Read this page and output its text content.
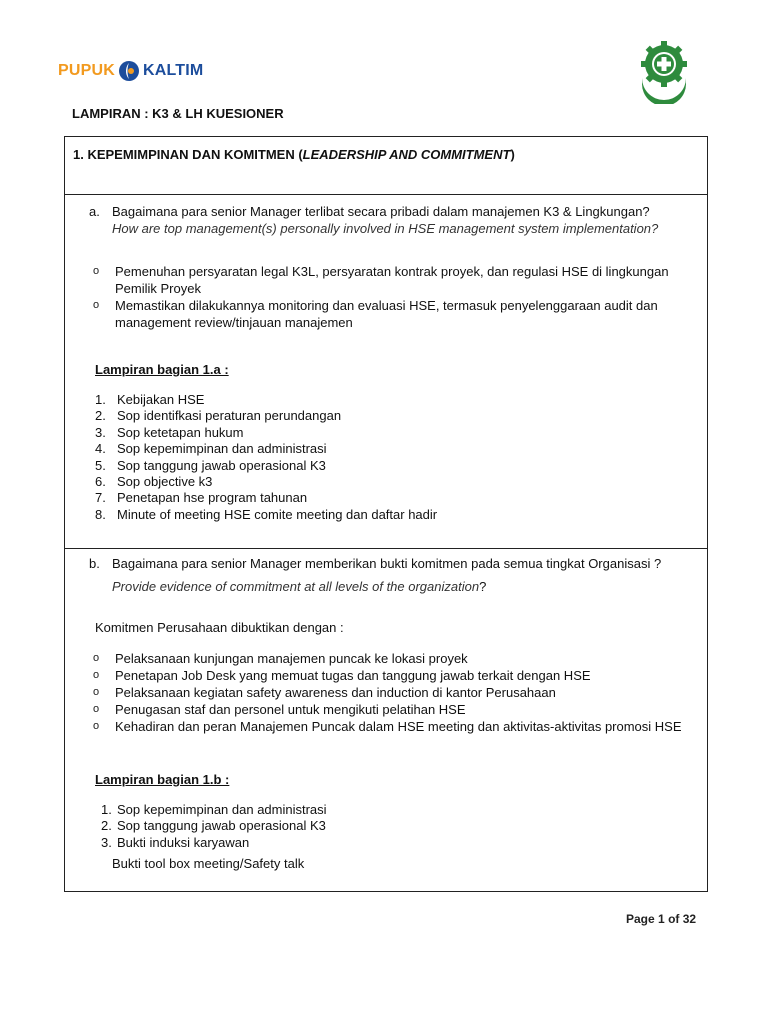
PUPUK KALTIM
LAMPIRAN : K3 & LH KUESIONER
1. KEPEMIMPINAN DAN KOMITMEN (LEADERSHIP AND COMMITMENT)
a. Bagaimana para senior Manager terlibat secara pribadi dalam manajemen K3 & Lingkungan?
How are top management(s) personally involved in HSE management system implementation?
o Pemenuhan persyaratan legal K3L, persyaratan kontrak proyek, dan regulasi HSE di lingkungan Pemilik Proyek
o Memastikan dilakukannya monitoring dan evaluasi HSE, termasuk penyelenggaraan audit dan management review/tinjauan manajemen
Lampiran bagian 1.a :
1. Kebijakan HSE
2. Sop identifkasi peraturan perundangan
3. Sop ketetapan hukum
4. Sop kepemimpinan dan administrasi
5. Sop tanggung jawab operasional K3
6. Sop objective k3
7. Penetapan hse program tahunan
8. Minute of meeting HSE comite meeting dan daftar hadir
b. Bagaimana para senior Manager memberikan bukti komitmen pada semua tingkat Organisasi ?
Provide evidence of commitment at all levels of the organization?
Komitmen Perusahaan dibuktikan dengan :
o Pelaksanaan kunjungan manajemen puncak ke lokasi proyek
o Penetapan Job Desk yang memuat tugas dan tanggung jawab terkait dengan HSE
o Pelaksanaan kegiatan safety awareness dan induction di kantor Perusahaan
o Penugasan staf dan personel untuk mengikuti pelatihan HSE
o Kehadiran dan peran Manajemen Puncak dalam HSE meeting dan aktivitas-aktivitas promosi HSE
Lampiran bagian 1.b :
1. Sop kepemimpinan dan administrasi
2. Sop tanggung jawab operasional K3
3. Bukti induksi karyawan
Bukti tool box meeting/Safety talk
Page 1 of 32
